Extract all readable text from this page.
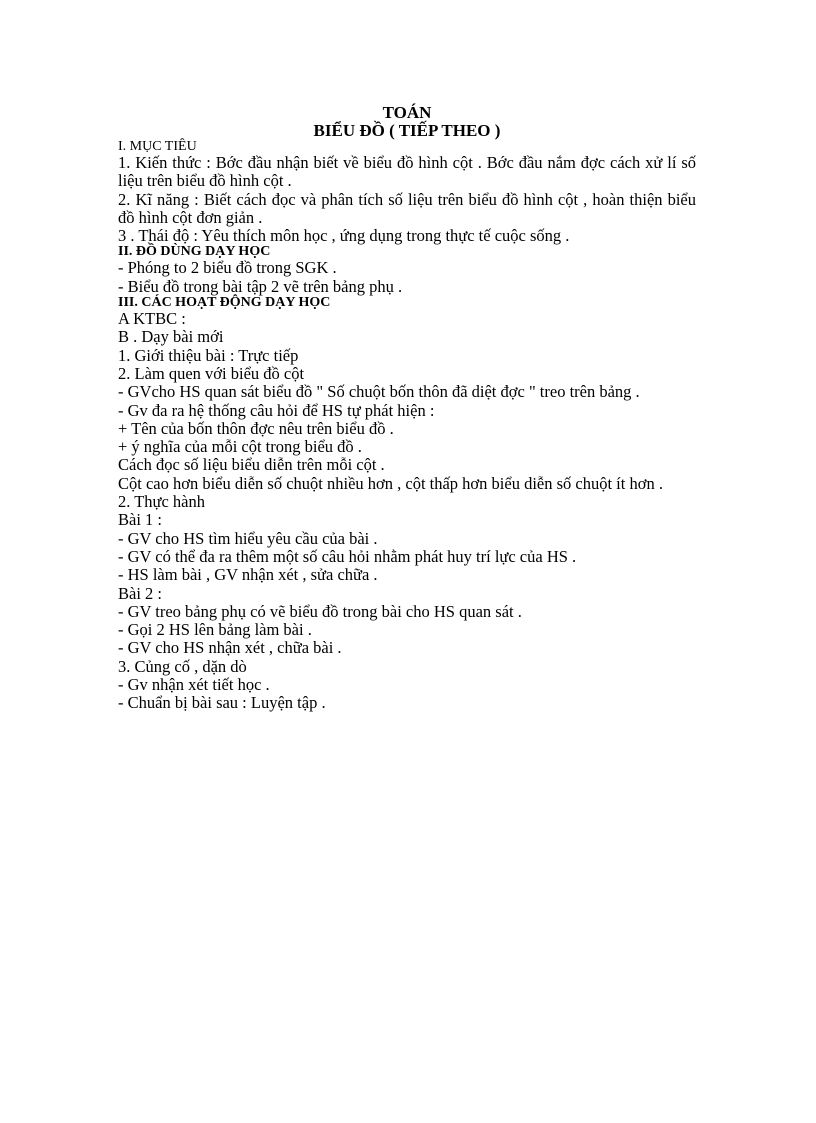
TOÁN
BIỂU ĐỒ ( TIẾP THEO )
I. MỤC TIÊU
1. Kiến thức : Bớc đầu nhận biết về biểu đồ hình cột . Bớc đầu nắm đợc cách xử lí số liệu trên biểu đồ hình cột .
2. Kĩ năng : Biết cách đọc và phân tích số liệu trên biểu đồ hình cột , hoàn thiện biểu đồ hình cột đơn giản .
3 . Thái độ : Yêu thích môn học , ứng dụng trong thực tế cuộc sống .
II. ĐỒ DÙNG DẠY HỌC
- Phóng to 2 biểu đồ trong SGK .
- Biểu đồ trong bài tập 2 vẽ trên bảng phụ .
III. CÁC HOẠT ĐỘNG DẠY HỌC
A KTBC :
B . Dạy bài mới
1. Giới thiệu bài : Trực tiếp
2. Làm quen với biểu đồ cột
- GVcho HS quan sát biểu đồ " Số chuột bốn thôn đã diệt đợc " treo trên bảng .
- Gv đa ra hệ thống câu hỏi để HS tự phát hiện :
+ Tên của bốn thôn đợc nêu trên biểu đồ .
+ ý nghĩa của mỗi cột trong biểu đồ .
Cách đọc số liệu biểu diễn trên mỗi cột .
Cột cao hơn biểu diễn số chuột nhiều hơn , cột thấp hơn biểu diễn số chuột ít hơn .
2. Thực hành
Bài 1 :
- GV cho HS tìm hiểu yêu cầu của bài .
- GV có thể đa ra thêm một số câu hỏi nhằm phát huy trí lực của HS .
- HS làm bài , GV nhận xét , sửa chữa .
Bài 2 :
- GV treo bảng phụ có vẽ biểu đồ trong bài cho HS quan sát .
- Gọi 2 HS lên bảng làm bài .
- GV cho HS nhận xét , chữa bài .
3. Củng cố , dặn dò
- Gv nhận xét tiết học .
- Chuẩn bị bài sau : Luyện tập .
